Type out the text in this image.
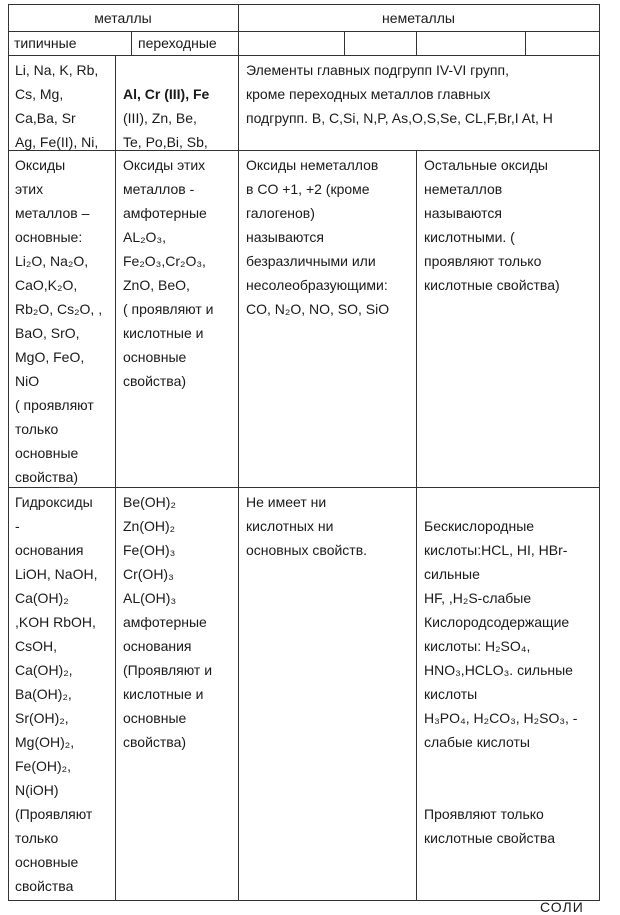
металлы	неметаллы
типичные	переходные
Li, Na, K, Rb,
Cs, Mg,
Ca,Ba, Sr
Ag, Fe(II), Ni,

Al, Cr (III), Fe

(III), Zn, Be,
Te, Po,Bi, Sb,

Элементы главных подгрупп IV-VI групп,
кроме переходных металлов главных
подгрупп. B, C,Si, N,P, As,O,S,Se, CL,F,Br,I At, H
Оксиды
этих
металлов –
основные:
Li₂O, Na₂O,
CaO,K₂O,
Rb₂O, Cs₂O, ,
BaO, SrO,
MgO, FeO,
NiO
( проявляют
только
основные
свойства)
Оксиды этих
металлов -
амфотерные
AL₂O₃,
Fe₂O₃,Cr₂O₃,
ZnO, BeO,
( проявляют и
кислотные и
основные
свойства)
Оксиды неметаллов
в CO +1, +2 (кроме
галогенов)
называются
безразличными или
несолеобразующими:
CO, N₂O, NO, SO, SiO
Остальные оксиды
неметаллов
называются
кислотными. (
проявляют только
кислотные свойства)
Гидроксиды
-
основания
LiOH, NaOH,
Ca(OH)₂
,KOH RbOH,
CsOH,
Ca(OH)₂,
Ba(OH)₂,
Sr(OH)₂,
Mg(OH)₂,
Fe(OH)₂,
N(iOH)
(Проявляют
только
основные
свойства
Be(OH)₂
Zn(OH)₂
Fe(OH)₃
Cr(OH)₃
AL(OH)₃
амфотерные
основания
(Проявляют и
кислотные и
основные
свойства)
Не имеет ни
кислотных ни
основных свойств.
Бескислородные
кислоты:HCL, HI, HBr-
сильные
HF, ,H₂S-слабые
Кислородсодержащие
кислоты: H₂SO₄,
HNO₃,HCLO₃. сильные
кислоты
H₃PO₄, H₂CO₃, H₂SO₃, -
слабые кислоты

Проявляют только
кислотные свойства
СОЛИ
